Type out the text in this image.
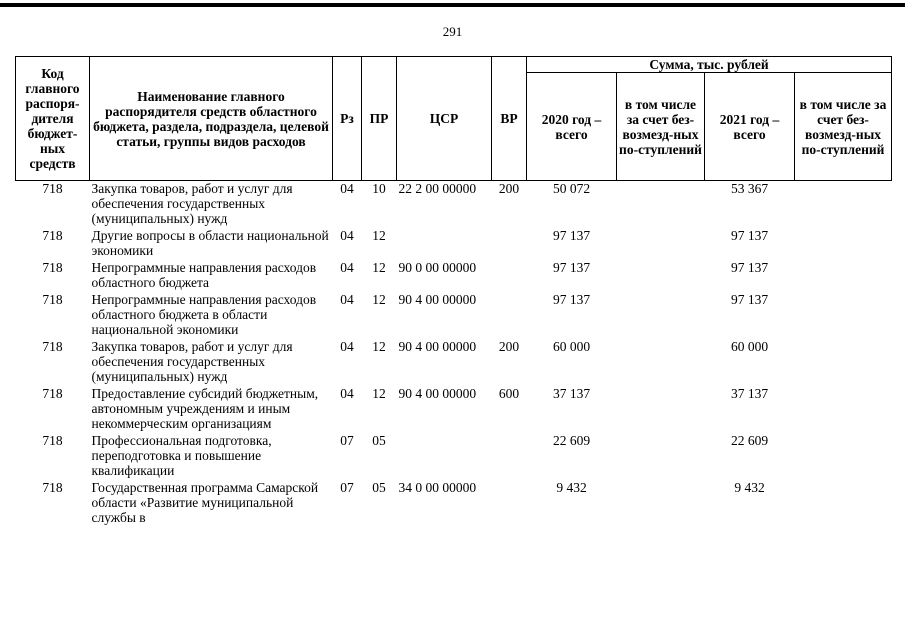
291
Код главного распоря-дителя бюджет-ных средств	Наименование главного распорядителя средств областного бюджета, раздела, подраздела, целевой статьи, группы видов расходов	Рз	ПР	ЦСР	ВР	Сумма, тыс. рублей			
						2020 год – всего	в том числе за счет без-возмезд-ных по-ступлений	2021 год – всего	в том числе за счет без-возмезд-ных по-ступлений
718	Закупка товаров, работ и услуг для обеспечения государственных (муниципальных) нужд	04	10	22 2 00 00000	200	50 072		53 367	
718	Другие вопросы в области национальной экономики	04	12			97 137		97 137	
718	Непрограммные направления расходов областного бюджета	04	12	90 0 00 00000		97 137		97 137	
718	Непрограммные направления расходов областного бюджета в области национальной экономики	04	12	90 4 00 00000		97 137		97 137	
718	Закупка товаров, работ и услуг для обеспечения государственных (муниципальных) нужд	04	12	90 4 00 00000	200	60 000		60 000	
718	Предоставление субсидий бюджетным, автономным учреждениям и иным некоммерческим организациям	04	12	90 4 00 00000	600	37 137		37 137	
718	Профессиональная подготовка, переподготовка и повышение квалификации	07	05			22 609		22 609	
718	Государственная программа Самарской области «Развитие муниципальной службы в	07	05	34 0 00 00000		9 432		9 432	
